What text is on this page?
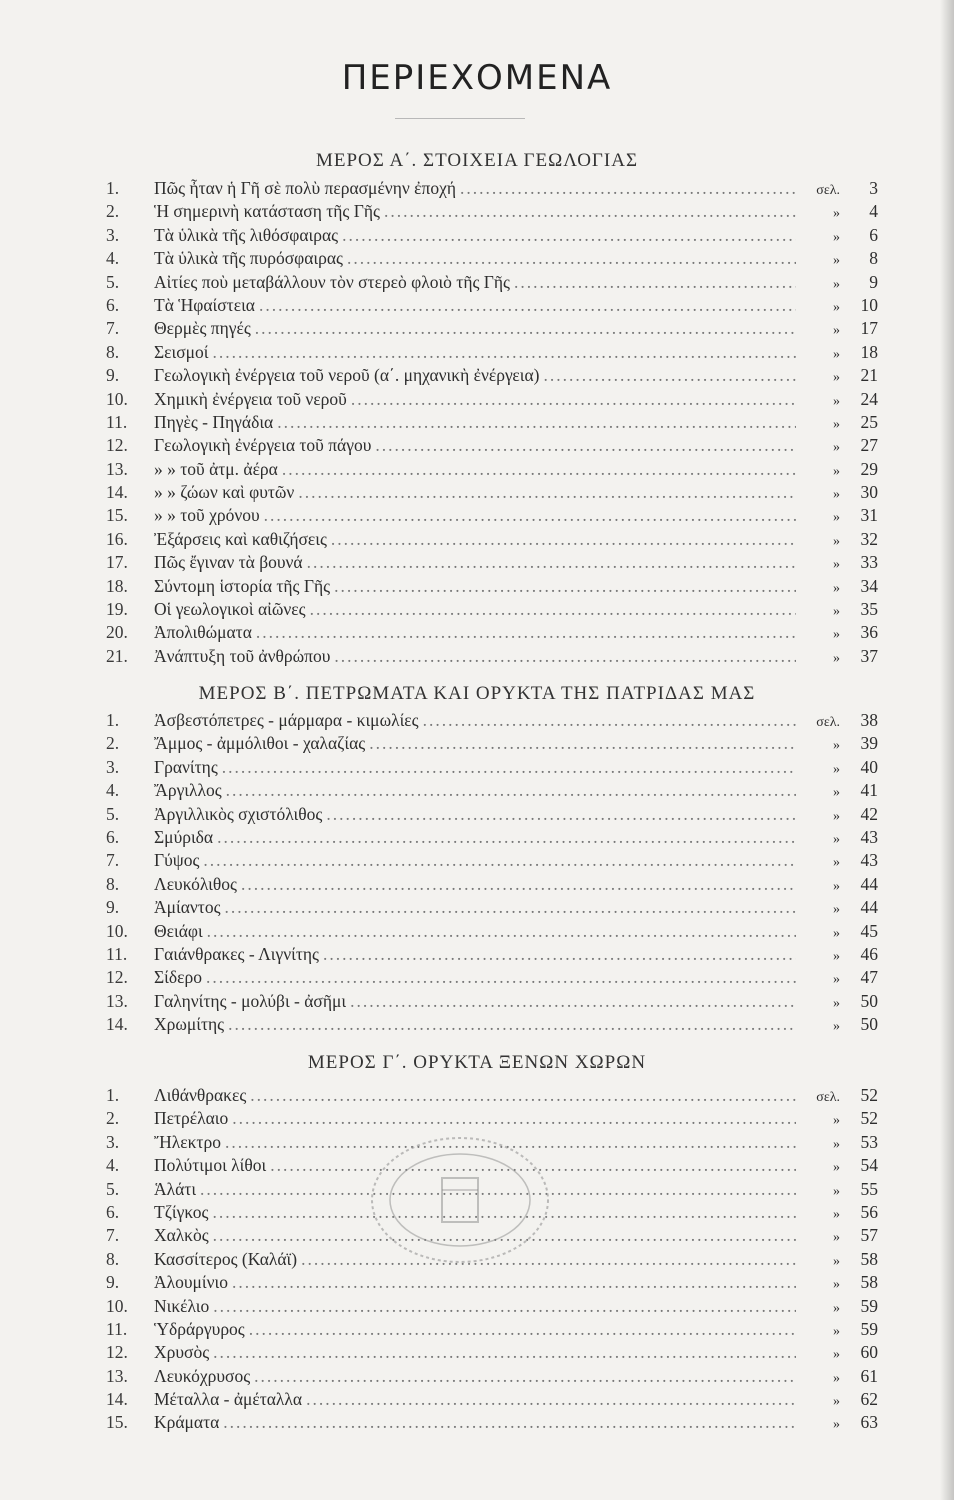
ΠΕΡΙΕΧΟΜΕΝΑ
ΜΕΡΟΣ Α΄. ΣΤΟΙΧΕΙΑ ΓΕΩΛΟΓΙΑΣ
1.	Πῶς ἦταν ἡ Γῆ σὲ πολὺ περασμένην ἐποχή .....	σελ.	3
2.	Ἡ σημερινὴ κατάσταση τῆς Γῆς .....	»	4
3.	Τὰ ὑλικὰ τῆς λιθόσφαιρας .....	»	6
4.	Τὰ ὑλικὰ τῆς πυρόσφαιρας .....	»	8
5.	Αἰτίες ποὺ μεταβάλλουν τὸν στερεὸ φλοιὸ τῆς Γῆς .....	»	9
6.	Τὰ Ἡφαίστεια .....	»	10
7.	Θερμὲς πηγές .....	»	17
8.	Σεισμοί .....	»	18
9.	Γεωλογικὴ ἐνέργεια τοῦ νεροῦ (α΄. μηχανικὴ ἐνέργεια) .....	»	21
10.	Χημικὴ ἐνέργεια τοῦ νεροῦ .....	»	24
11.	Πηγὲς - Πηγάδια .....	»	25
12.	Γεωλογικὴ ἐνέργεια τοῦ πάγου .....	»	27
13.	» » τοῦ ἀτμ. ἀέρα .....	»	29
14.	» » ζώων καὶ φυτῶν .....	»	30
15.	» » τοῦ χρόνου .....	»	31
16.	Ἐξάρσεις καὶ καθιζήσεις .....	»	32
17.	Πῶς ἔγιναν τὰ βουνά .....	»	33
18.	Σύντομη ἱστορία τῆς Γῆς .....	»	34
19.	Οἱ γεωλογικοὶ αἰῶνες .....	»	35
20.	Ἀπολιθώματα .....	»	36
21.	Ἀνάπτυξη τοῦ ἀνθρώπου .....	»	37
ΜΕΡΟΣ Β΄. ΠΕΤΡΩΜΑΤΑ ΚΑΙ ΟΡΥΚΤΑ ΤΗΣ ΠΑΤΡΙΔΑΣ ΜΑΣ
1.	Ἀσβεστόπετρες - μάρμαρα - κιμωλίες .....	σελ.	38
2.	Ἄμμος - ἀμμόλιθοι - χαλαζίας .....	»	39
3.	Γρανίτης .....	»	40
4.	Ἄργιλλος .....	»	41
5.	Ἀργιλλικὸς σχιστόλιθος .....	»	42
6.	Σμύριδα .....	»	43
7.	Γύψος .....	»	43
8.	Λευκόλιθος .....	»	44
9.	Ἀμίαντος .....	»	44
10.	Θειάφι .....	»	45
11.	Γαιάνθρακες - Λιγνίτης .....	»	46
12.	Σίδερο .....	»	47
13.	Γαληνίτης - μολύβι - ἀσῆμι .....	»	50
14.	Χρωμίτης .....	»	50
ΜΕΡΟΣ Γ΄. ΟΡΥΚΤΑ ΞΕΝΩΝ ΧΩΡΩΝ
1.	Λιθάνθρακες .....	σελ.	52
2.	Πετρέλαιο .....	»	52
3.	Ἤλεκτρο .....	»	53
4.	Πολύτιμοι λίθοι .....	»	54
5.	Ἁλάτι .....	»	55
6.	Τζίγκος .....	»	56
7.	Χαλκὸς .....	»	57
8.	Κασσίτερος (Καλάϊ) .....	»	58
9.	Ἀλουμίνιο .....	»	58
10.	Νικέλιο .....	»	59
11.	Ὑδράργυρος .....	»	59
12.	Χρυσὸς .....	»	60
13.	Λευκόχρυσος .....	»	61
14.	Μέταλλα - ἀμέταλλα .....	»	62
15.	Κράματα .....	»	63
